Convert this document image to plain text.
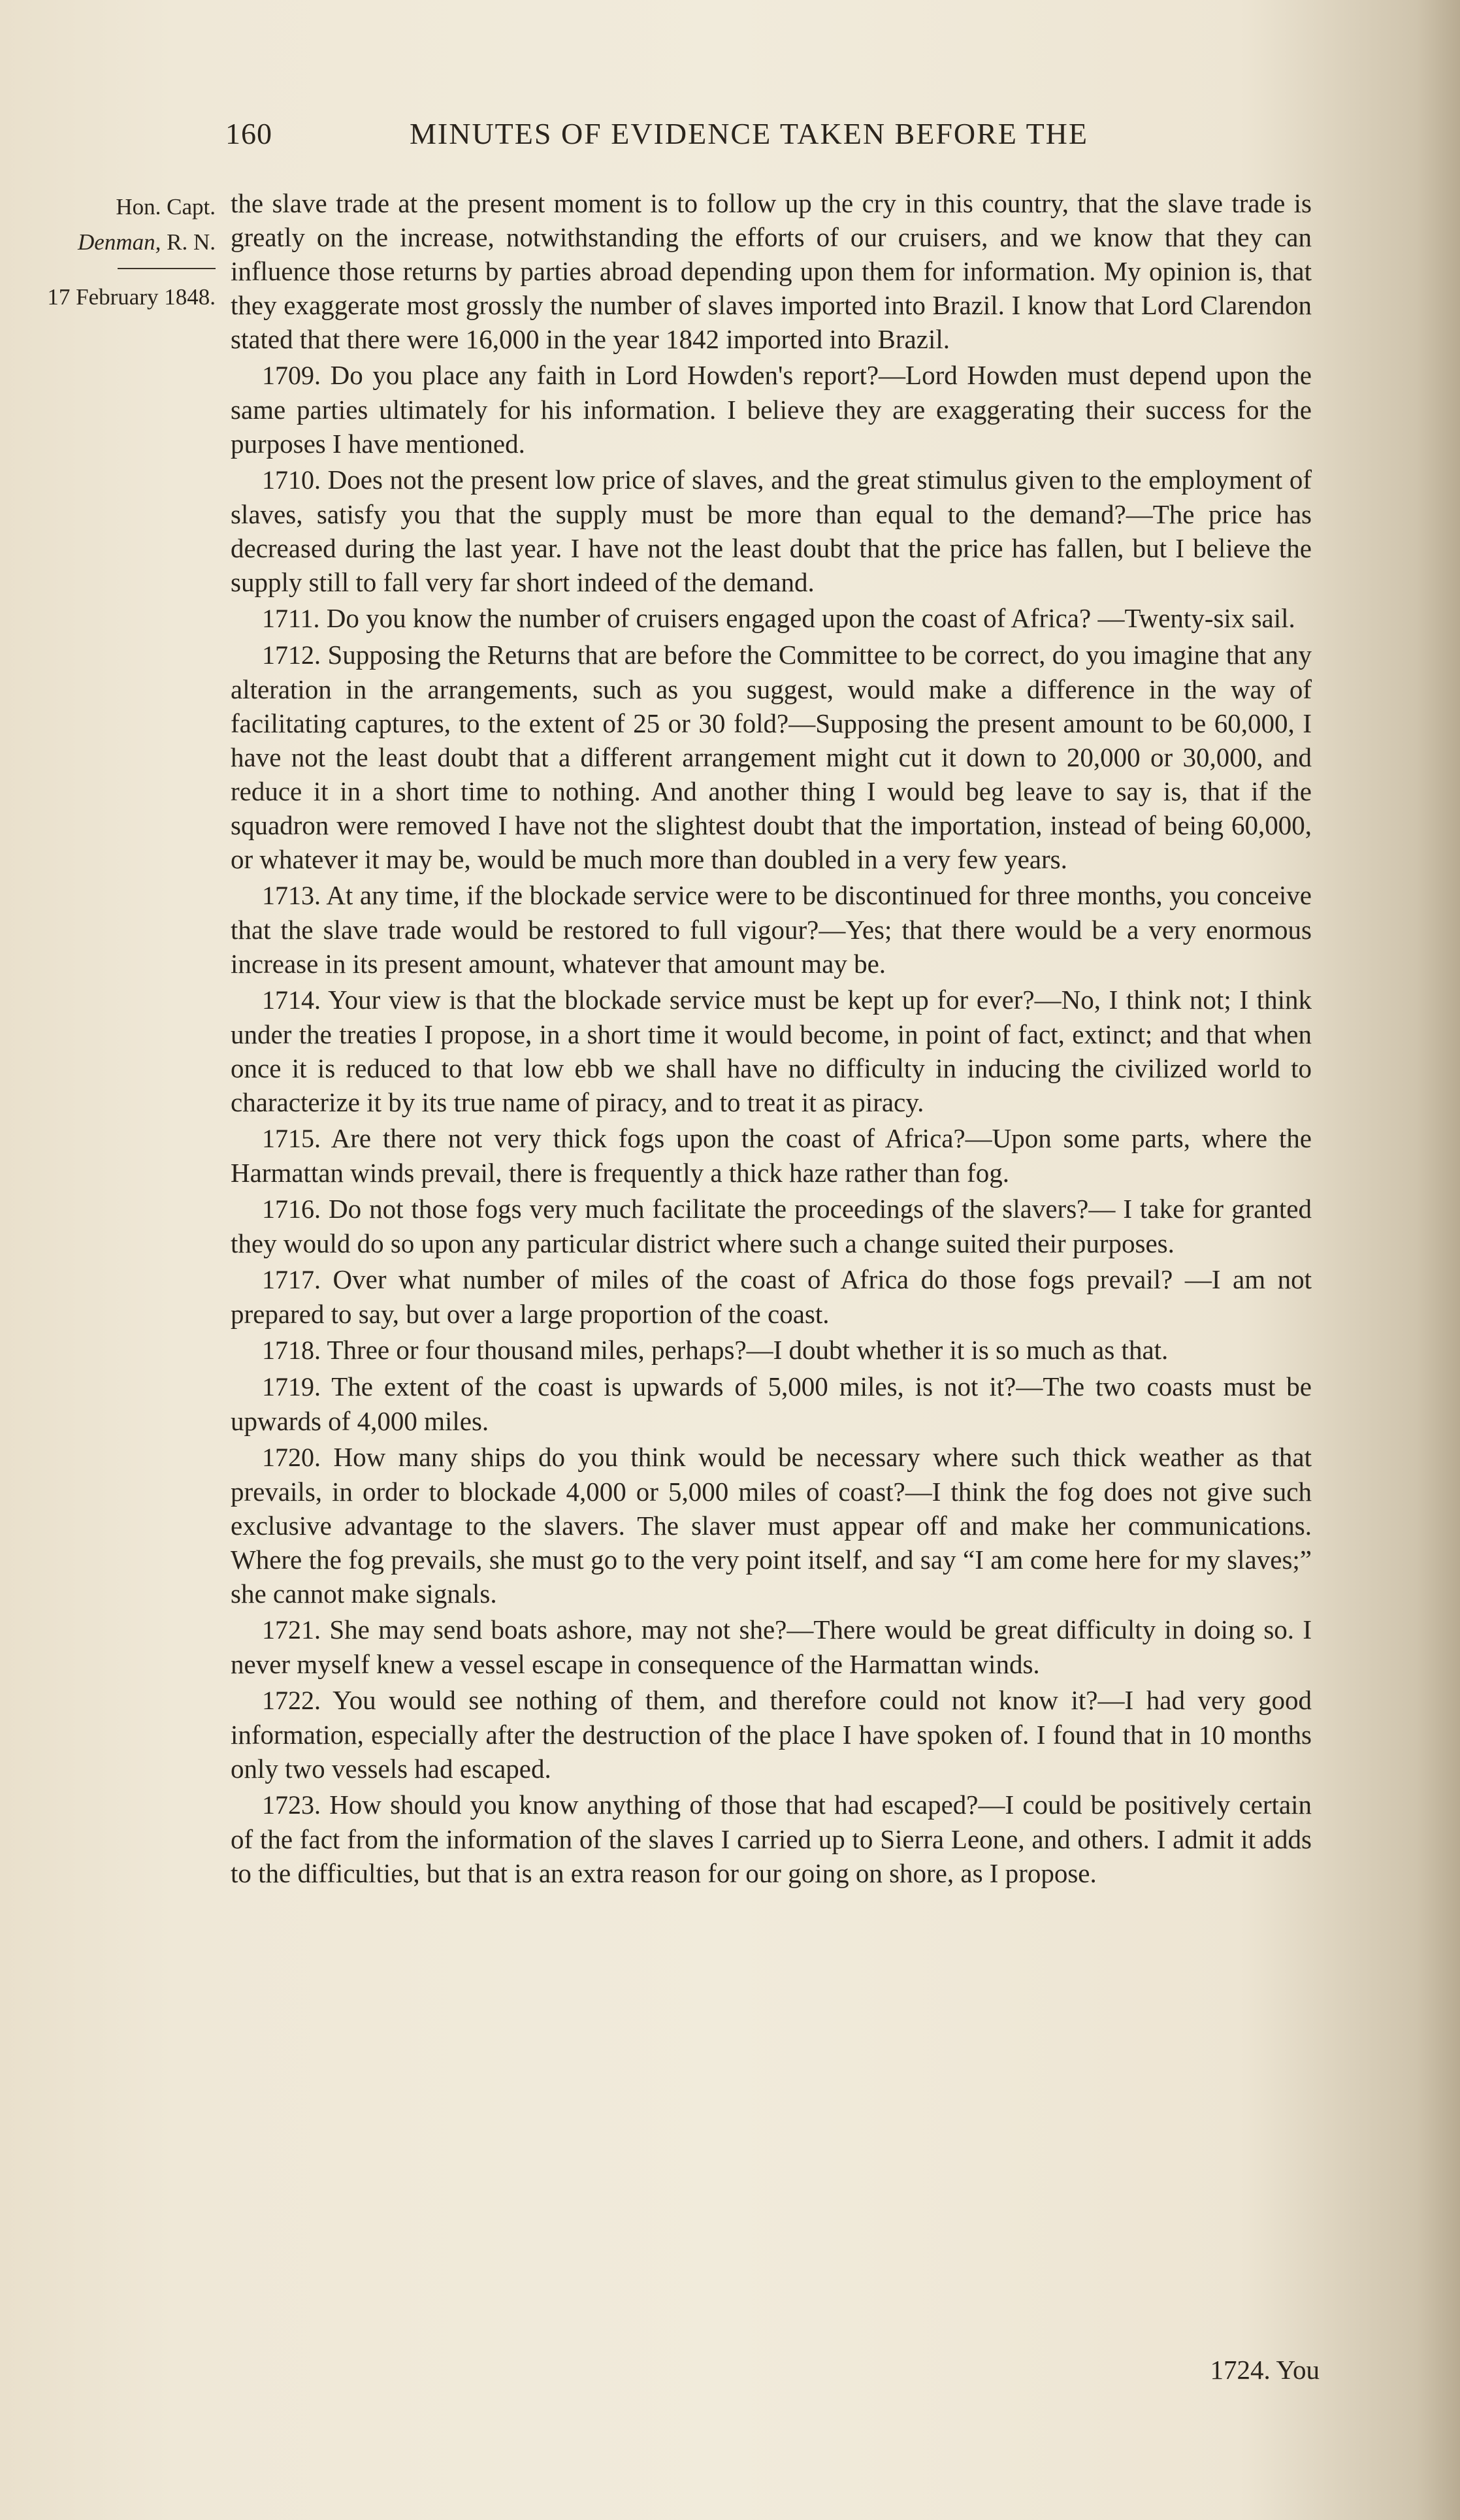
160	MINUTES OF EVIDENCE TAKEN BEFORE THE
Hon. Capt.
Denman, R. N.
17 February 1848.

the slave trade at the present moment is to follow up the cry in this country, that the slave trade is greatly on the increase, notwithstanding the efforts of our cruisers, and we know that they can influence those returns by parties abroad depending upon them for information. My opinion is, that they exaggerate most grossly the number of slaves imported into Brazil. I know that Lord Clarendon stated that there were 16,000 in the year 1842 imported into Brazil.

1709. Do you place any faith in Lord Howden's report?—Lord Howden must depend upon the same parties ultimately for his information. I believe they are exaggerating their success for the purposes I have mentioned.

1710. Does not the present low price of slaves, and the great stimulus given to the employment of slaves, satisfy you that the supply must be more than equal to the demand?—The price has decreased during the last year. I have not the least doubt that the price has fallen, but I believe the supply still to fall very far short indeed of the demand.

1711. Do you know the number of cruisers engaged upon the coast of Africa? —Twenty-six sail.

1712. Supposing the Returns that are before the Committee to be correct, do you imagine that any alteration in the arrangements, such as you suggest, would make a difference in the way of facilitating captures, to the extent of 25 or 30 fold?—Supposing the present amount to be 60,000, I have not the least doubt that a different arrangement might cut it down to 20,000 or 30,000, and reduce it in a short time to nothing. And another thing I would beg leave to say is, that if the squadron were removed I have not the slightest doubt that the importation, instead of being 60,000, or whatever it may be, would be much more than doubled in a very few years.

1713. At any time, if the blockade service were to be discontinued for three months, you conceive that the slave trade would be restored to full vigour?—Yes; that there would be a very enormous increase in its present amount, whatever that amount may be.

1714. Your view is that the blockade service must be kept up for ever?—No, I think not; I think under the treaties I propose, in a short time it would become, in point of fact, extinct; and that when once it is reduced to that low ebb we shall have no difficulty in inducing the civilized world to characterize it by its true name of piracy, and to treat it as piracy.

1715. Are there not very thick fogs upon the coast of Africa?—Upon some parts, where the Harmattan winds prevail, there is frequently a thick haze rather than fog.

1716. Do not those fogs very much facilitate the proceedings of the slavers?— I take for granted they would do so upon any particular district where such a change suited their purposes.

1717. Over what number of miles of the coast of Africa do those fogs prevail? —I am not prepared to say, but over a large proportion of the coast.

1718. Three or four thousand miles, perhaps?—I doubt whether it is so much as that.

1719. The extent of the coast is upwards of 5,000 miles, is not it?—The two coasts must be upwards of 4,000 miles.

1720. How many ships do you think would be necessary where such thick weather as that prevails, in order to blockade 4,000 or 5,000 miles of coast?—I think the fog does not give such exclusive advantage to the slavers. The slaver must appear off and make her communications. Where the fog prevails, she must go to the very point itself, and say “I am come here for my slaves;” she cannot make signals.

1721. She may send boats ashore, may not she?—There would be great difficulty in doing so. I never myself knew a vessel escape in consequence of the Harmattan winds.

1722. You would see nothing of them, and therefore could not know it?—I had very good information, especially after the destruction of the place I have spoken of. I found that in 10 months only two vessels had escaped.

1723. How should you know anything of those that had escaped?—I could be positively certain of the fact from the information of the slaves I carried up to Sierra Leone, and others. I admit it adds to the difficulties, but that is an extra reason for our going on shore, as I propose.

1724. You
